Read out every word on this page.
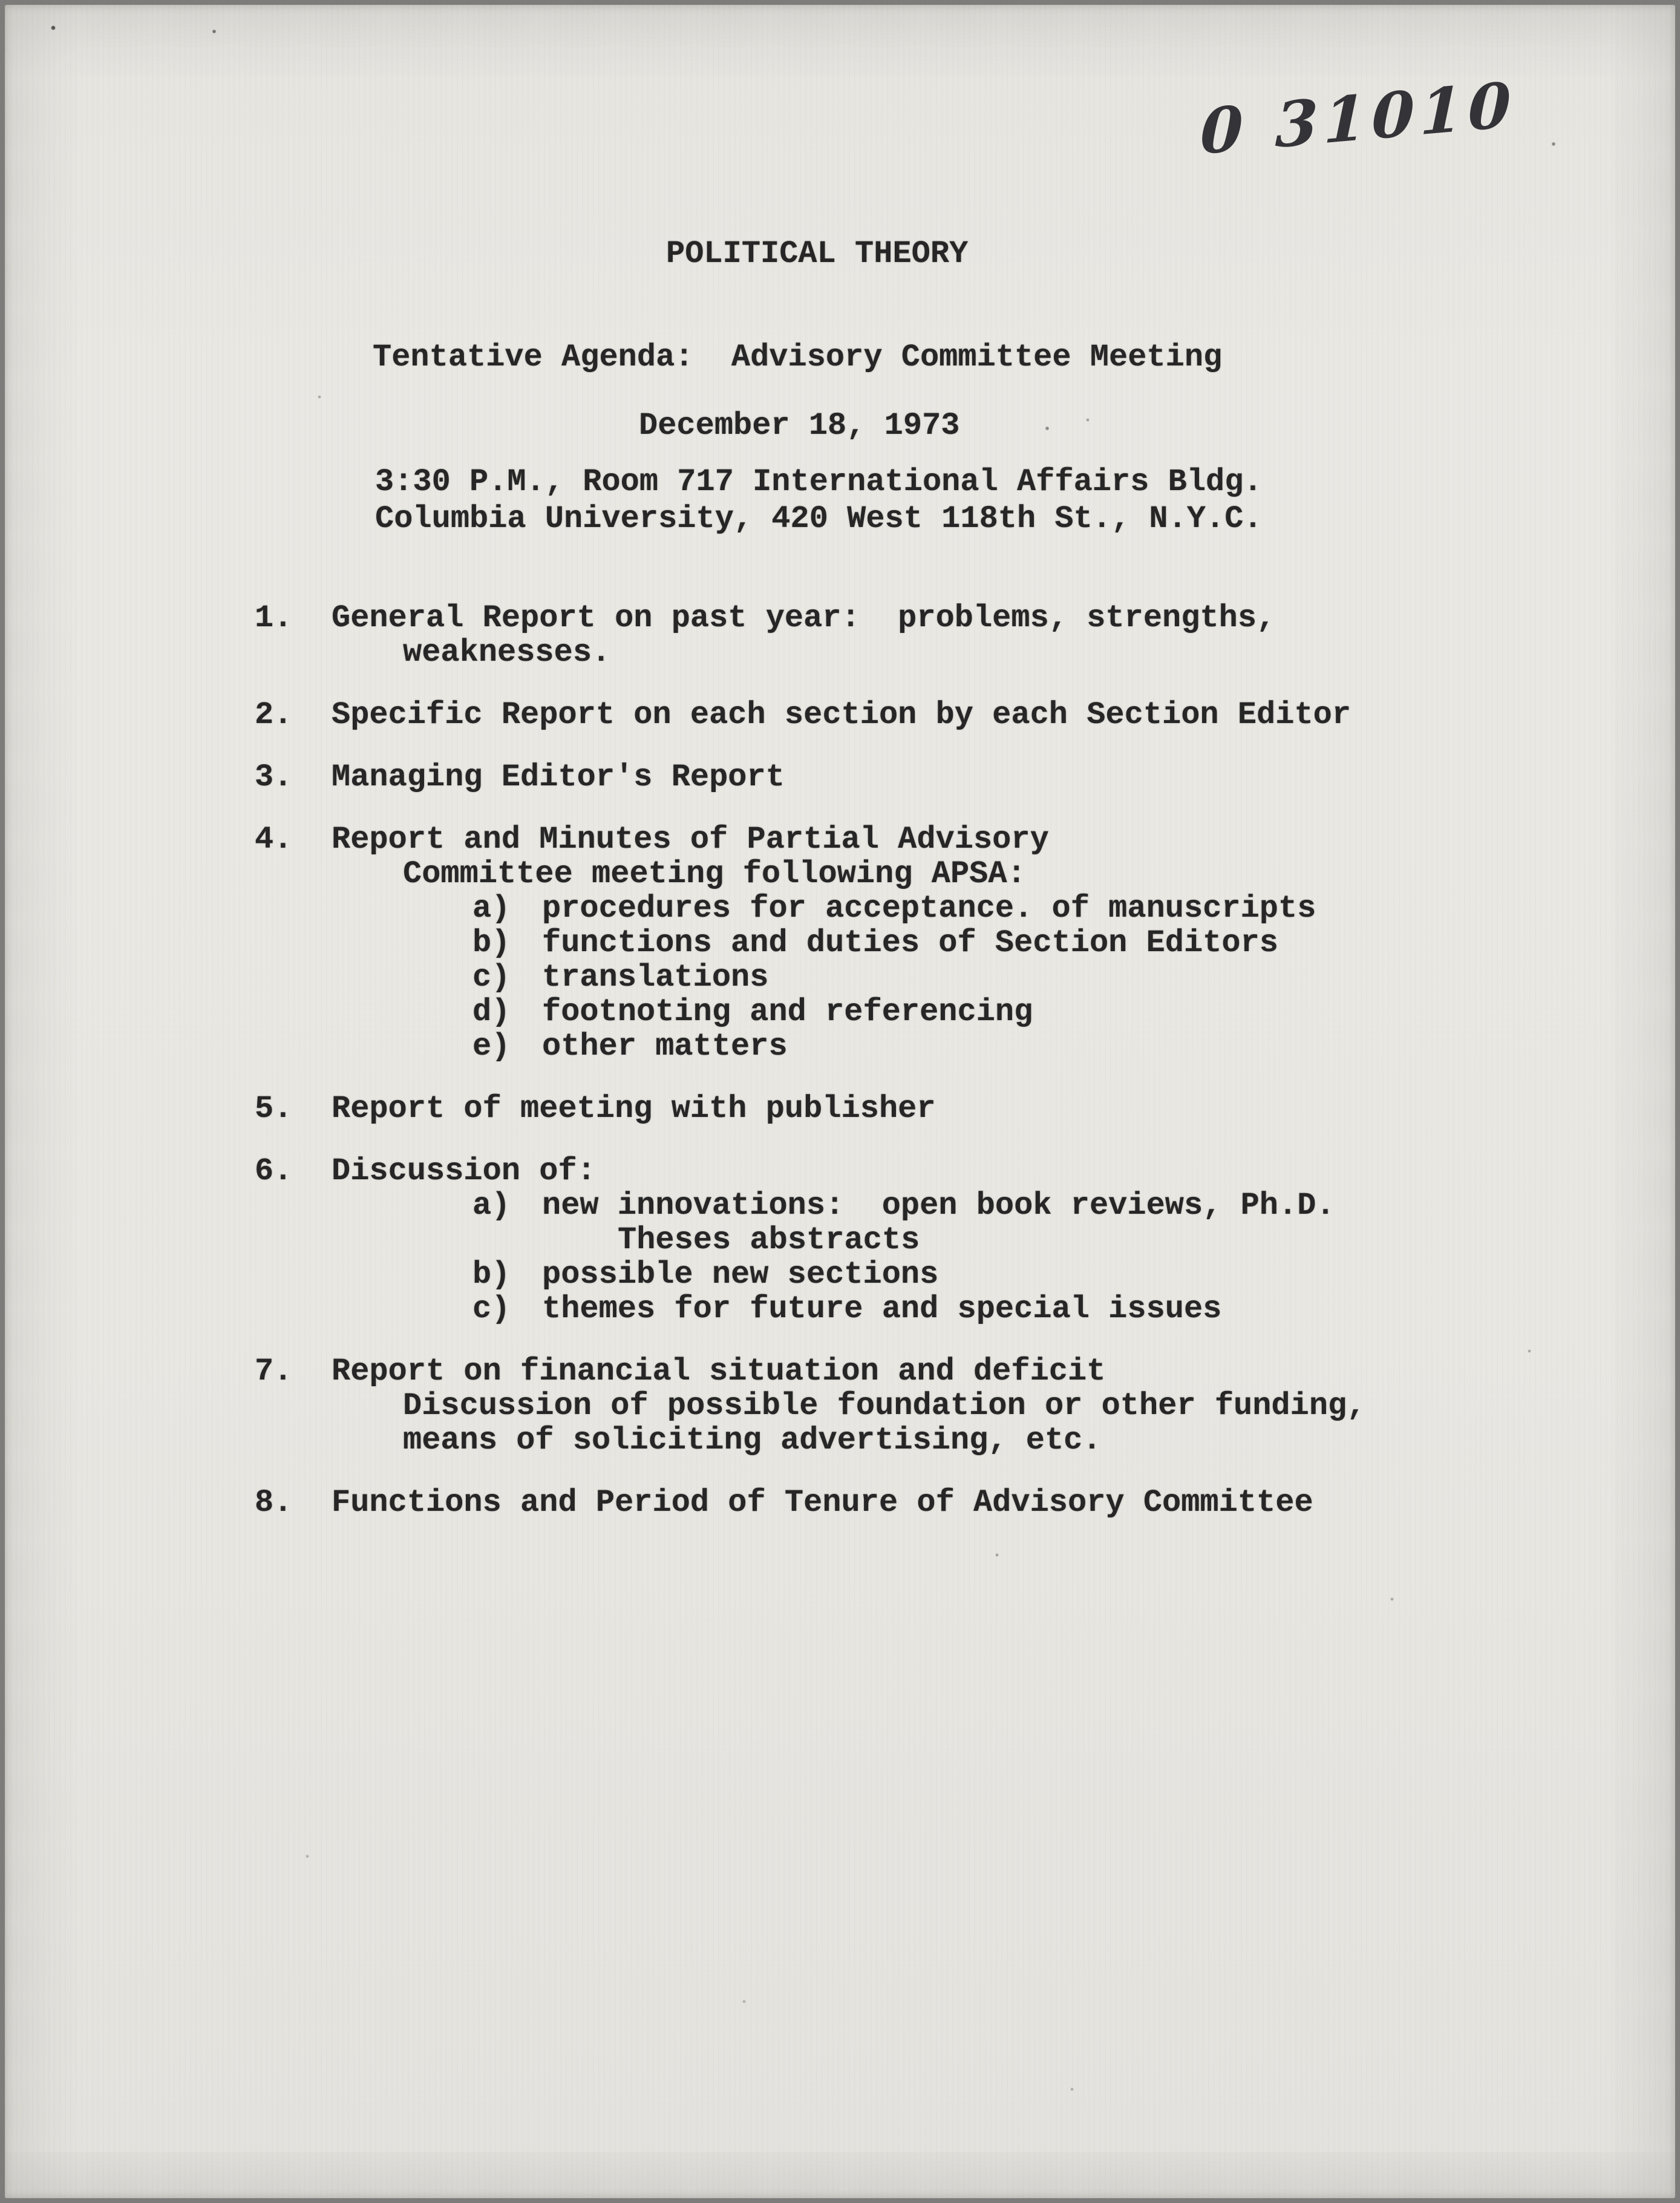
0 31010
POLITICAL THEORY
Tentative Agenda:  Advisory Committee Meeting
December 18, 1973
3:30 P.M., Room 717 International Affairs Bldg.
Columbia University, 420 West 118th St., N.Y.C.
1.	General Report on past year:  problems, strengths,
weaknesses.
2.	Specific Report on each section by each Section Editor
3.	Managing Editor's Report
4.	Report and Minutes of Partial Advisory
Committee meeting following APSA:
a)	procedures for acceptance. of manuscripts
b)	functions and duties of Section Editors
c)	translations
d)	footnoting and referencing
e)	other matters
5.	Report of meeting with publisher
6.	Discussion of:
a)	new innovations:  open book reviews, Ph.D.
Theses abstracts
b)	possible new sections
c)	themes for future and special issues
7.	Report on financial situation and deficit
Discussion of possible foundation or other funding,
means of soliciting advertising, etc.
8.	Functions and Period of Tenure of Advisory Committee
